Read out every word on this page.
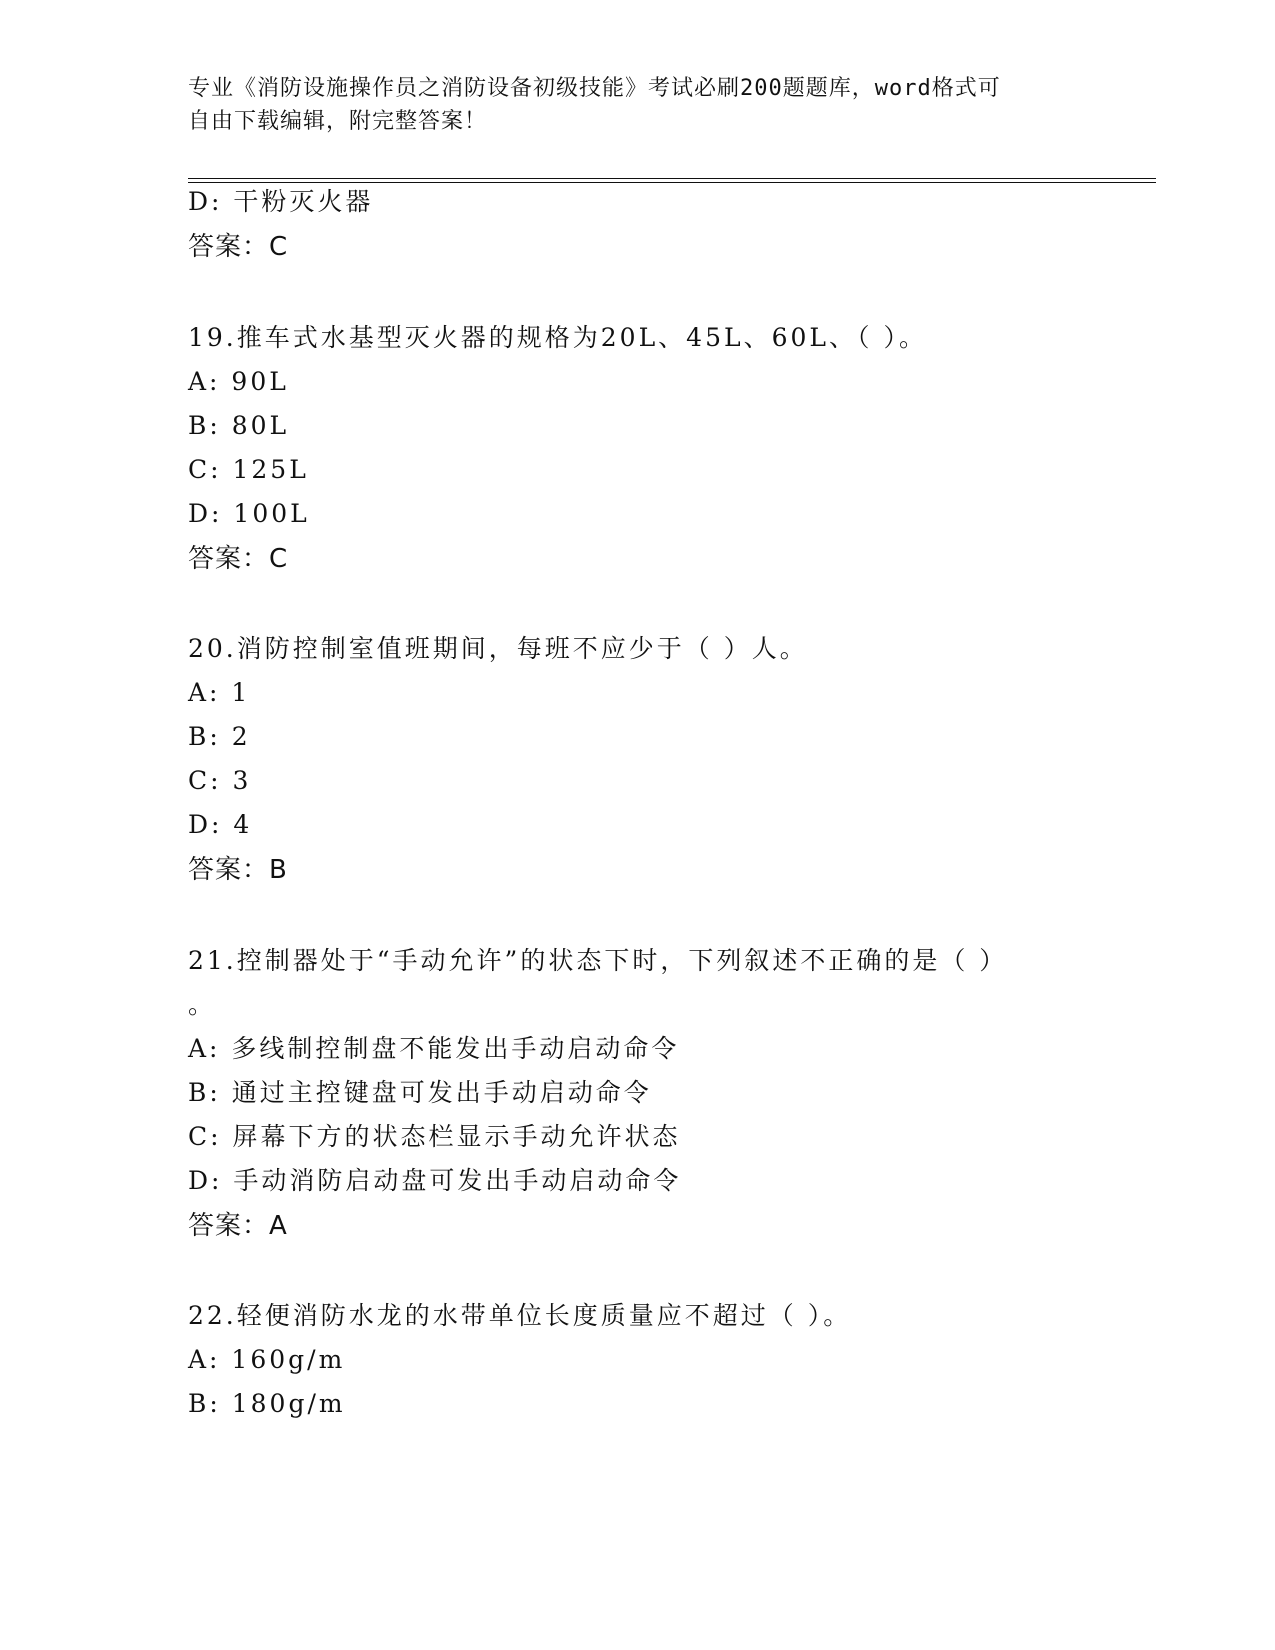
专业《消防设施操作员之消防设备初级技能》考试必刷200题题库，word格式可
自由下载编辑，附完整答案！
D: 干粉灭火器
答案：C
19.推车式水基型灭火器的规格为20L、45L、60L、（ ）。
A: 90L
B: 80L
C: 125L
D: 100L
答案：C
20.消防控制室值班期间，每班不应少于（ ）人。
A: 1
B: 2
C: 3
D: 4
答案：B
21.控制器处于“手动允许”的状态下时，下列叙述不正确的是（ ）
。
A: 多线制控制盘不能发出手动启动命令
B: 通过主控键盘可发出手动启动命令
C: 屏幕下方的状态栏显示手动允许状态
D: 手动消防启动盘可发出手动启动命令
答案：A
22.轻便消防水龙的水带单位长度质量应不超过（ ）。
A: 160g/m
B: 180g/m
